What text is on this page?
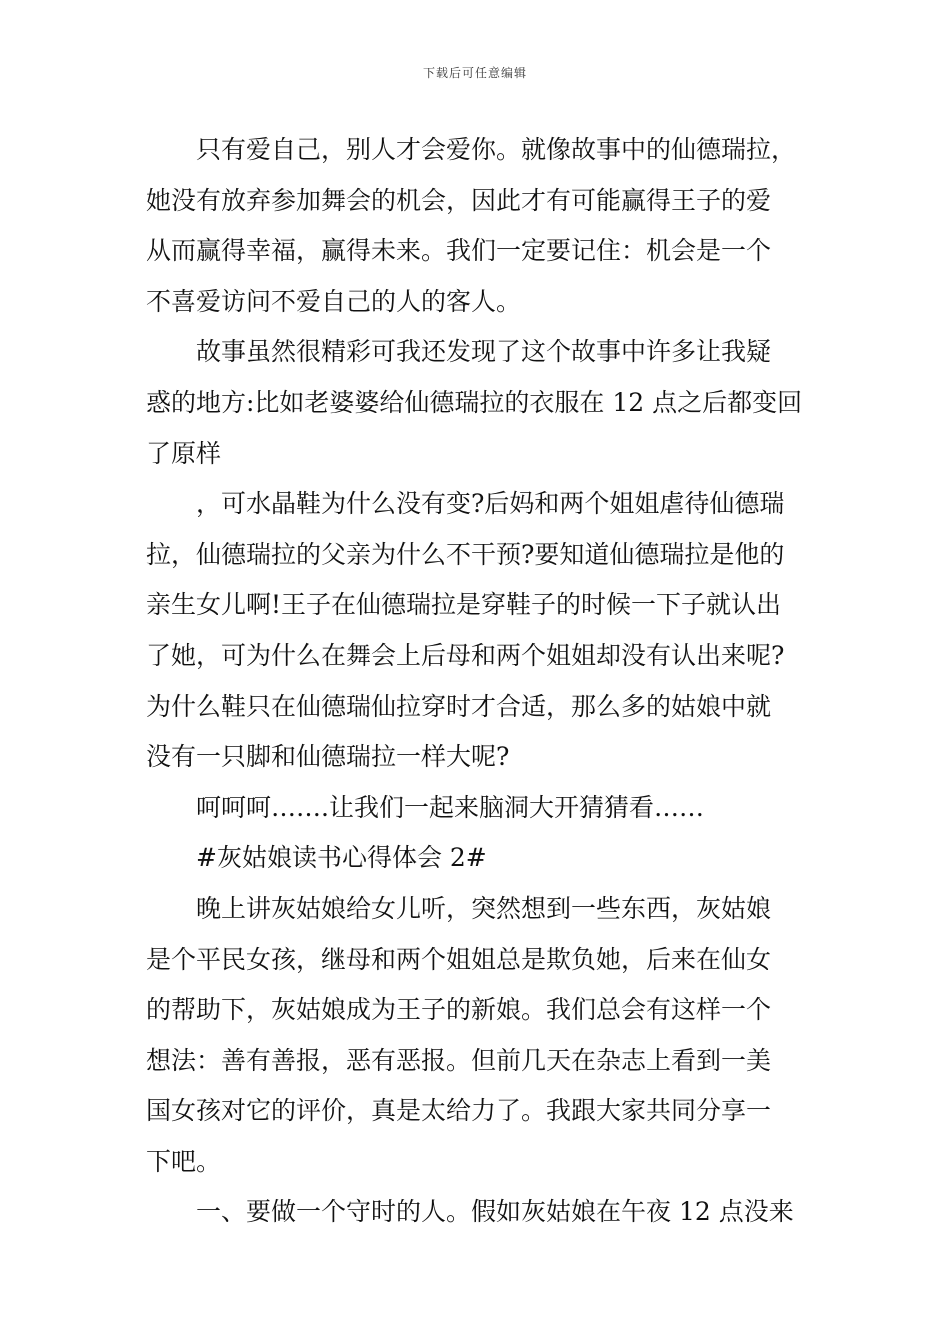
下载后可任意编辑
只有爱自己，别人才会爱你。就像故事中的仙德瑞拉，
她没有放弃参加舞会的机会，因此才有可能赢得王子的爱
从而赢得幸福，赢得未来。我们一定要记住：机会是一个
不喜爱访问不爱自己的人的客人。
故事虽然很精彩可我还发现了这个故事中许多让我疑
惑的地方:比如老婆婆给仙德瑞拉的衣服在 12 点之后都变回
了原样
，可水晶鞋为什么没有变?后妈和两个姐姐虐待仙德瑞
拉，仙德瑞拉的父亲为什么不干预?要知道仙德瑞拉是他的
亲生女儿啊!王子在仙德瑞拉是穿鞋子的时候一下子就认出
了她，可为什么在舞会上后母和两个姐姐却没有认出来呢?
为什么鞋只在仙德瑞仙拉穿时才合适，那么多的姑娘中就
没有一只脚和仙德瑞拉一样大呢?
呵呵呵…….让我们一起来脑洞大开猜猜看……
#灰姑娘读书心得体会 2#
晚上讲灰姑娘给女儿听，突然想到一些东西，灰姑娘
是个平民女孩，继母和两个姐姐总是欺负她，后来在仙女
的帮助下，灰姑娘成为王子的新娘。我们总会有这样一个
想法：善有善报，恶有恶报。但前几天在杂志上看到一美
国女孩对它的评价，真是太给力了。我跟大家共同分享一
下吧。
一、要做一个守时的人。假如灰姑娘在午夜 12 点没来
